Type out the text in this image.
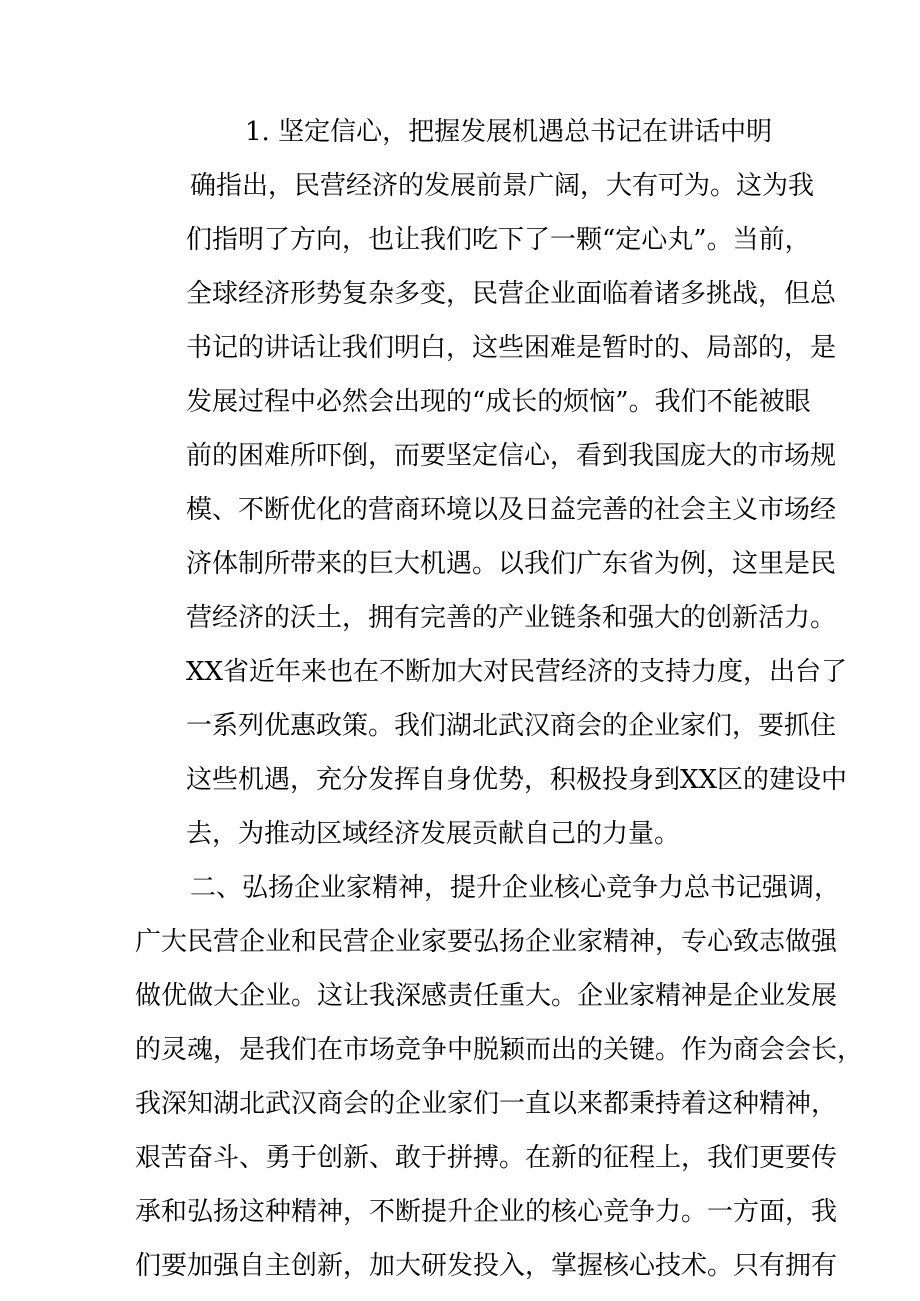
1. 坚定信心，把握发展机遇总书记在讲话中明
确指出，民营经济的发展前景广阔，大有可为。这为我
们指明了方向，也让我们吃下了一颗“定心丸”。当前，
全球经济形势复杂多变，民营企业面临着诸多挑战，但总
书记的讲话让我们明白，这些困难是暂时的、局部的，是
发展过程中必然会出现的“成长的烦恼”。我们不能被眼
前的困难所吓倒，而要坚定信心，看到我国庞大的市场规
模、不断优化的营商环境以及日益完善的社会主义市场经
济体制所带来的巨大机遇。以我们广东省为例，这里是民
营经济的沃土，拥有完善的产业链条和强大的创新活力。
XX省近年来也在不断加大对民营经济的支持力度，出台了
一系列优惠政策。我们湖北武汉商会的企业家们，要抓住
这些机遇，充分发挥自身优势，积极投身到XX区的建设中
去，为推动区域经济发展贡献自己的力量。
二、弘扬企业家精神，提升企业核心竞争力总书记强调，
广大民营企业和民营企业家要弘扬企业家精神，专心致志做强
做优做大企业。这让我深感责任重大。企业家精神是企业发展
的灵魂，是我们在市场竞争中脱颖而出的关键。作为商会会长，
我深知湖北武汉商会的企业家们一直以来都秉持着这种精神，
艰苦奋斗、勇于创新、敢于拼搏。在新的征程上，我们更要传
承和弘扬这种精神，不断提升企业的核心竞争力。一方面，我
们要加强自主创新，加大研发投入，掌握核心技术。只有拥有
